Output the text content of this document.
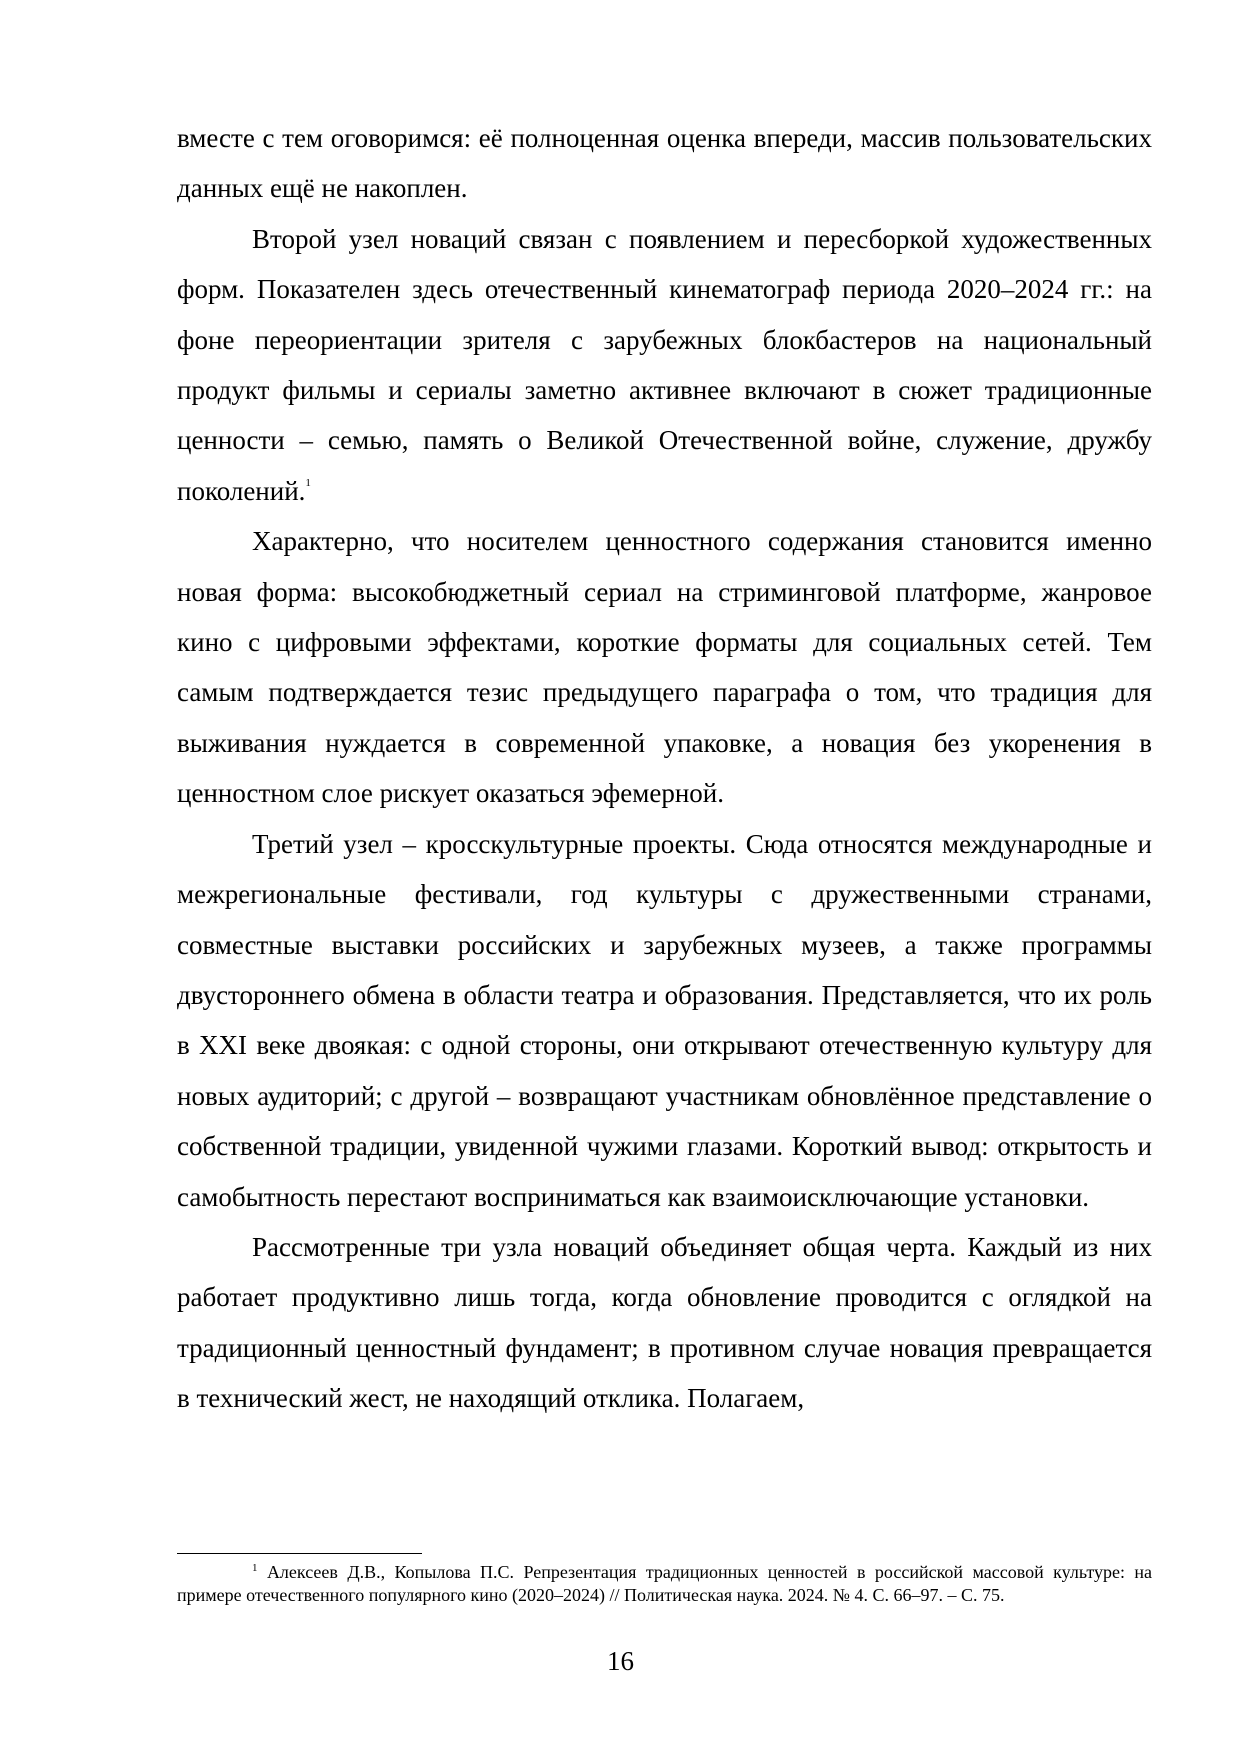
вместе с тем оговоримся: её полноценная оценка впереди, массив пользовательских данных ещё не накоплен.

Второй узел новаций связан с появлением и пересборкой художественных форм. Показателен здесь отечественный кинематограф периода 2020–2024 гг.: на фоне переориентации зрителя с зарубежных блокбастеров на национальный продукт фильмы и сериалы заметно активнее включают в сюжет традиционные ценности – семью, память о Великой Отечественной войне, служение, дружбу поколений.$^1$

Характерно, что носителем ценностного содержания становится именно новая форма: высокобюджетный сериал на стриминговой платформе, жанровое кино с цифровыми эффектами, короткие форматы для социальных сетей. Тем самым подтверждается тезис предыдущего параграфа о том, что традиция для выживания нуждается в современной упаковке, а новация без укоренения в ценностном слое рискует оказаться эфемерной.

Третий узел – кросскультурные проекты. Сюда относятся международные и межрегиональные фестивали, год культуры с дружественными странами, совместные выставки российских и зарубежных музеев, а также программы двустороннего обмена в области театра и образования. Представляется, что их роль в XXI веке двоякая: с одной стороны, они открывают отечественную культуру для новых аудиторий; с другой – возвращают участникам обновлённое представление о собственной традиции, увиденной чужими глазами. Короткий вывод: открытость и самобытность перестают восприниматься как взаимоисключающие установки.

Рассмотренные три узла новаций объединяет общая черта. Каждый из них работает продуктивно лишь тогда, когда обновление проводится с оглядкой на традиционный ценностный фундамент; в противном случае новация превращается в технический жест, не находящий отклика. Полагаем,

$^1$ Алексеев Д.В., Копылова П.С. Репрезентация традиционных ценностей в российской массовой культуре: на примере отечественного популярного кино (2020–2024) // Политическая наука. 2024. № 4. С. 66–97. – С. 75.

16
